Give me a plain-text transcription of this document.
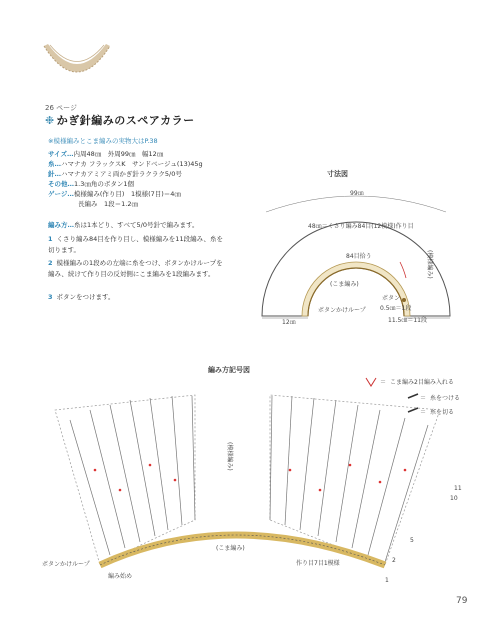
26 ページ
❉ かぎ針編みのスペアカラー
※模様編みとこま編みの実物大はP.38
サイズ…内周48㎝　外周99㎝　幅12㎝
糸…ハマナカ フラックスK　サンドベージュ(13)45g
針…ハマナカアミアミ両かぎ針ラクラク5/0号
その他…1.3㎝角のボタン1個
ゲージ…模様編み(作り目)　1模様(7目)＝4㎝
長編み　1段＝1.2㎝
編み方…糸は1本どり、すべて5/0号針で編みます。
1 くさり編み84目を作り目し、模様編みを11段編み、糸を切ります。
2 模様編みの1段めの左端に糸をつけ、ボタンかけループを編み、続けて作り目の反対側にこま編みを1段編みます。
3 ボタンをつけます。
寸法図
99㎝
48㎝＝くさり編み84目(12模様)作り目
84目拾う
(こま編み)
(模様編み)
ボタン
ボタンかけループ
12㎝
0.5㎝＝1段
11.5㎝＝11段
編み方記号図
＝ こま編み2目編み入れる
＝ 糸をつける
＝ 糸を切る
(模様編み)
(こま編み)
ボタンかけループ
編み始め
作り目7目1模様
1
2
5
10
11
79
